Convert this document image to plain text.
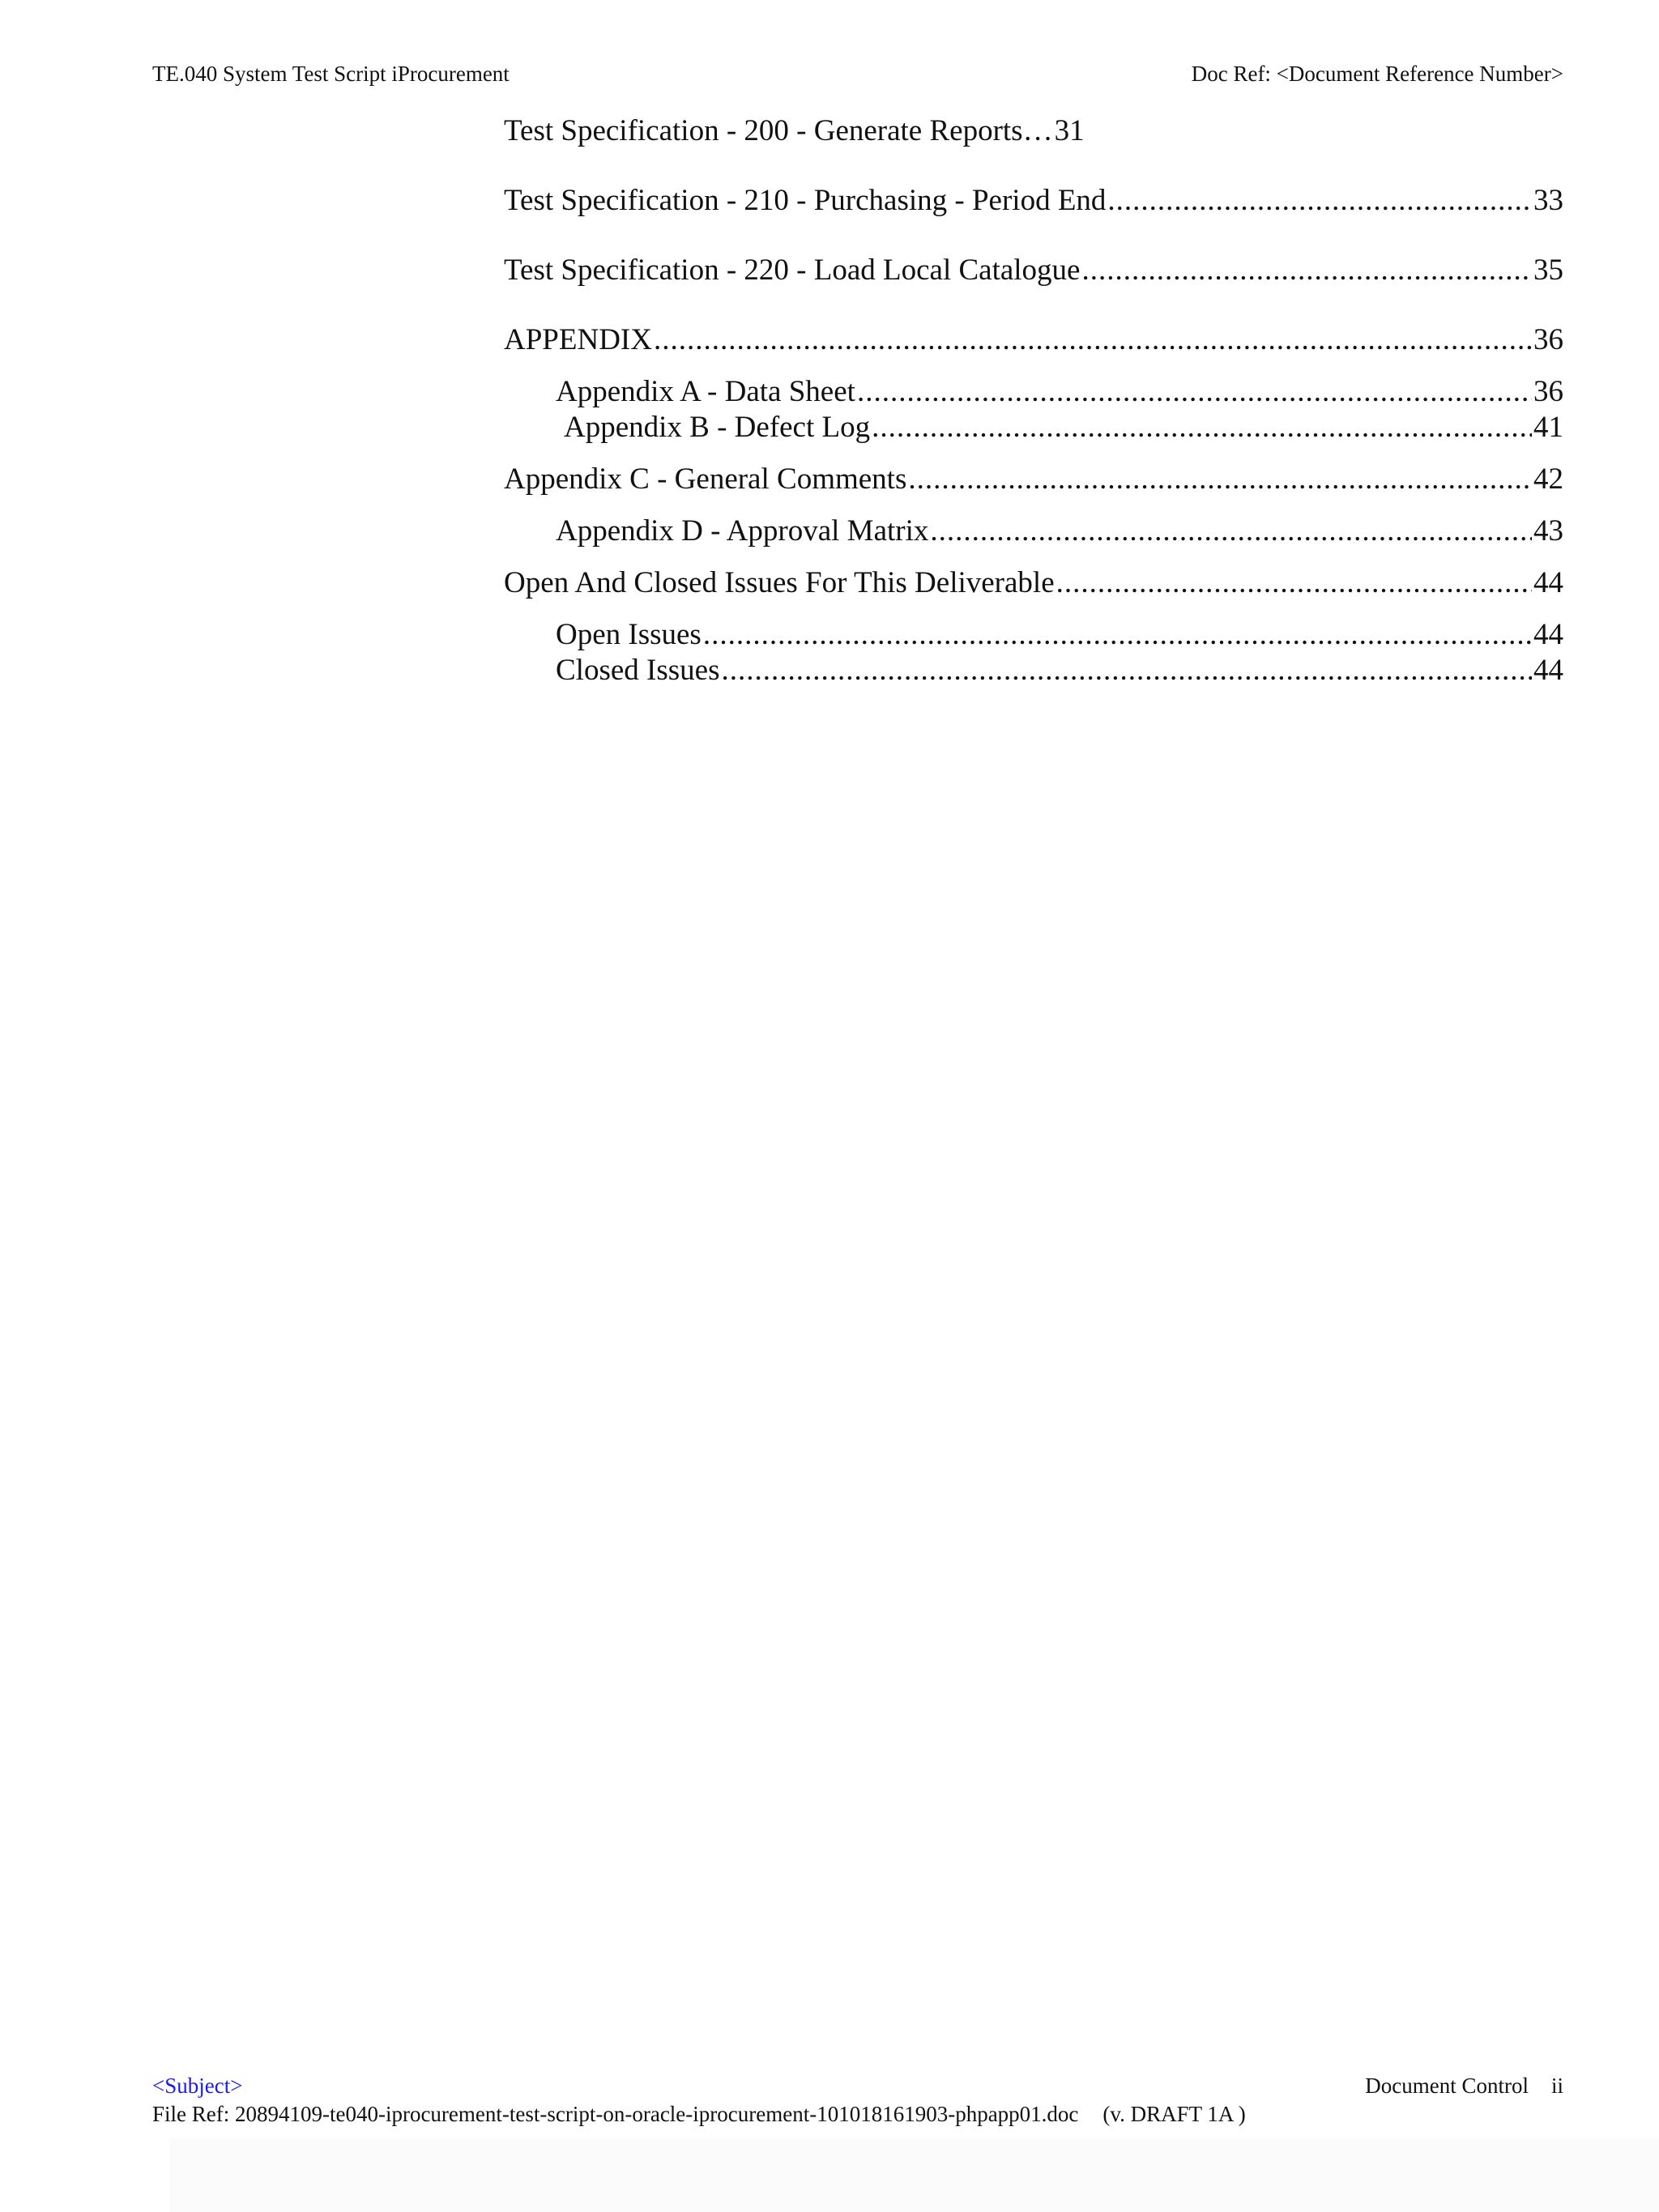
TE.040 System Test Script iProcurement	Doc Ref: <Document Reference Number>
Test Specification - 200 - Generate Reports … 31
Test Specification - 210 - Purchasing - Period End .....	33
Test Specification - 220 - Load Local Catalogue .....	35
APPENDIX .....	36
Appendix A - Data Sheet .....	36
Appendix B - Defect Log .....	41
Appendix C - General Comments .....	42
Appendix D - Approval Matrix .....	43
Open And Closed Issues For This Deliverable .....	44
Open Issues .....	44
Closed Issues .....	44
<Subject>	Document Control ii
File Ref: 20894109-te040-iprocurement-test-script-on-oracle-iprocurement-101018161903-phpapp01.doc (v. DRAFT 1A )
